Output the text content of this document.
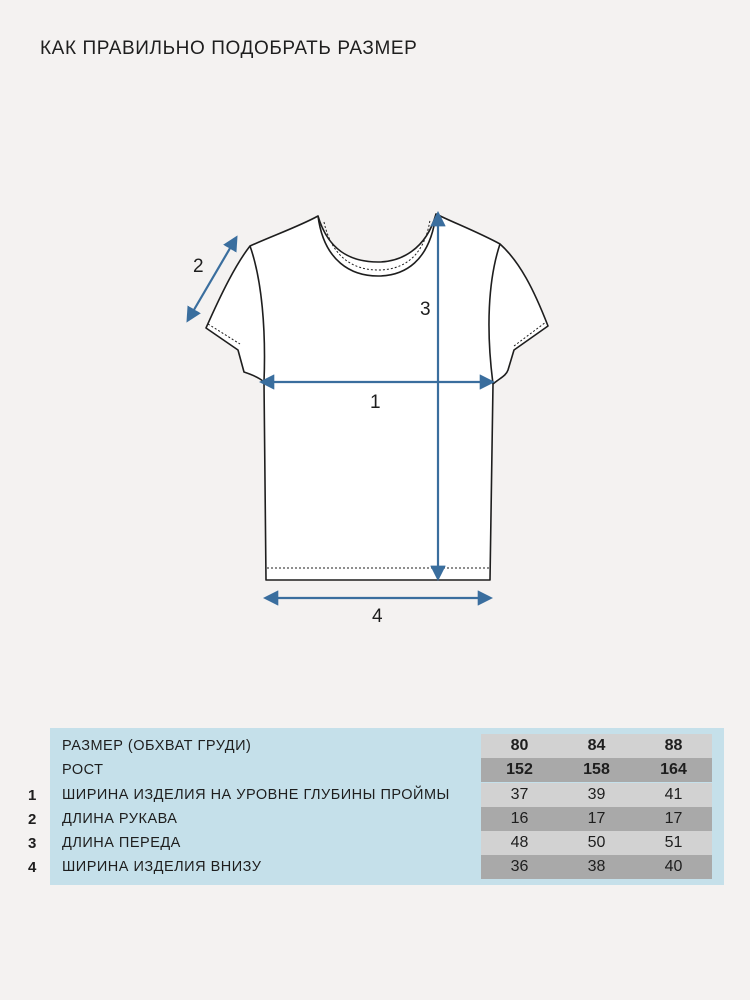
КАК ПРАВИЛЬНО ПОДОБРАТЬ РАЗМЕР
1
2
3
4
РАЗМЕР (ОБХВАТ ГРУДИ)	80	84	88
РОСТ	152	158	164
1 ШИРИНА ИЗДЕЛИЯ НА УРОВНЕ ГЛУБИНЫ ПРОЙМЫ	37	39	41
2 ДЛИНА РУКАВА	16	17	17
3 ДЛИНА ПЕРЕДА	48	50	51
4 ШИРИНА ИЗДЕЛИЯ ВНИЗУ	36	38	40
